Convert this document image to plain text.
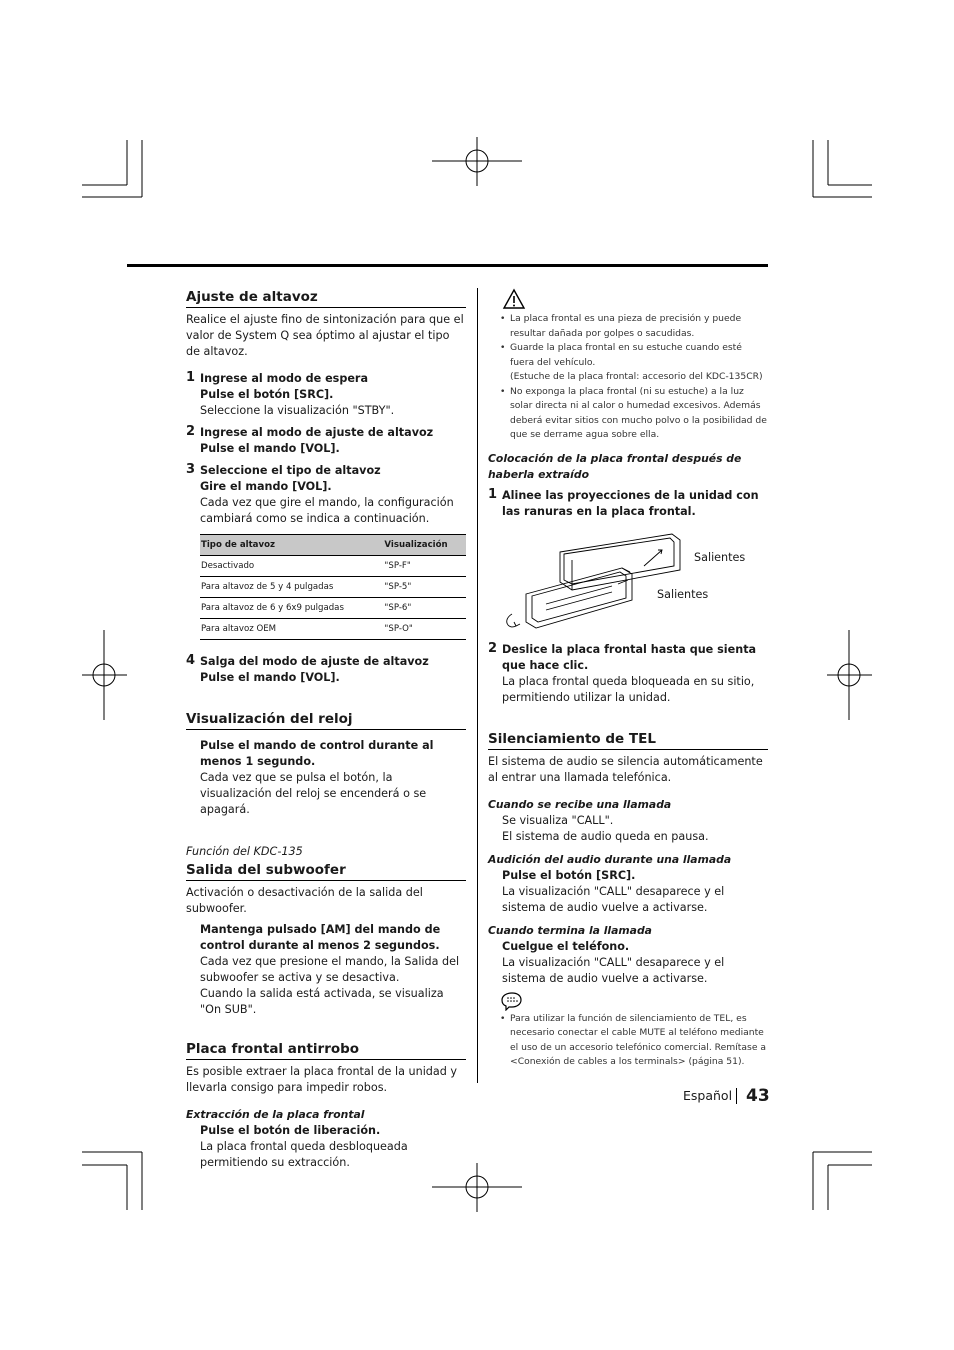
Ajuste de altavoz

Realice el ajuste fino de sintonización para que el valor de System Q sea óptimo al ajustar el tipo de altavoz.

1 Ingrese al modo de espera
Pulse el botón [SRC].
Seleccione la visualización "STBY".
2 Ingrese al modo de ajuste de altavoz
Pulse el mando [VOL].
3 Seleccione el tipo de altavoz
Gire el mando [VOL].
Cada vez que gire el mando, la configuración cambiará como se indica a continuación.
Tipo de altavoz	Visualización
Desactivado	"SP-F"
Para altavoz de 5 y 4 pulgadas	"SP-5"
Para altavoz de 6 y 6x9 pulgadas	"SP-6"
Para altavoz OEM	"SP-O"
4 Salga del modo de ajuste de altavoz
Pulse el mando [VOL].
Visualización del reloj
Pulse el mando de control durante al menos 1 segundo.
Cada vez que se pulsa el botón, la visualización del reloj se encenderá o se apagará.
Función del KDC-135
Salida del subwoofer

Activación o desactivación de la salida del subwoofer.

Mantenga pulsado [AM] del mando de control durante al menos 2 segundos.
Cada vez que presione el mando, la Salida del subwoofer se activa y se desactiva.
Cuando la salida está activada, se visualiza "On SUB".
Placa frontal antirrobo

Es posible extraer la placa frontal de la unidad y llevarla consigo para impedir robos.

Extracción de la placa frontal
Pulse el botón de liberación.
La placa frontal queda desbloqueada permitiendo su extracción.
• La placa frontal es una pieza de precisión y puede resultar dañada por golpes o sacudidas.
• Guarde la placa frontal en su estuche cuando esté fuera del vehículo.
(Estuche de la placa frontal: accesorio del KDC-135CR)
• No exponga la placa frontal (ni su estuche) a la luz solar directa ni al calor o humedad excesivos. Además deberá evitar sitios con mucho polvo o la posibilidad de que se derrame agua sobre ella.
Colocación de la placa frontal después de haberla extraído
1 Alinee las proyecciones de la unidad con las ranuras en la placa frontal.
Salientes
Salientes
2 Deslice la placa frontal hasta que sienta que hace clic.
La placa frontal queda bloqueada en su sitio, permitiendo utilizar la unidad.
Silenciamiento de TEL

El sistema de audio se silencia automáticamente al entrar una llamada telefónica.

Cuando se recibe una llamada
Se visualiza "CALL".
El sistema de audio queda en pausa.
Audición del audio durante una llamada
Pulse el botón [SRC].
La visualización "CALL" desaparece y el sistema de audio vuelve a activarse.
Cuando termina la llamada
Cuelgue el teléfono.
La visualización "CALL" desaparece y el sistema de audio vuelve a activarse.
• Para utilizar la función de silenciamiento de TEL, es necesario conectar el cable MUTE al teléfono mediante el uso de un accesorio telefónico comercial. Remítase a <Conexión de cables a los terminals> (página 51).
Español 43
